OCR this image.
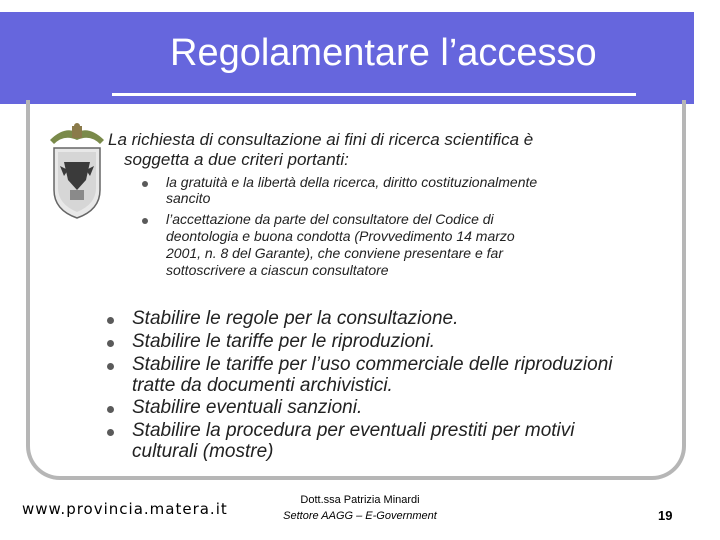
Regolamentare l’accesso
La richiesta di consultazione ai fini di ricerca scientifica è
soggetta a due criteri portanti:
la gratuità e la libertà della ricerca, diritto costituzionalmente
sancito
l’accettazione da parte del consultatore del Codice di
deontologia e buona condotta (Provvedimento 14 marzo
2001, n. 8 del Garante), che conviene presentare e far
sottoscrivere a ciascun consultatore
Stabilire le regole per la consultazione.
Stabilire le tariffe per le riproduzioni.
Stabilire le tariffe per l’uso commerciale delle riproduzioni
tratte da documenti archivistici.
Stabilire eventuali sanzioni.
Stabilire la procedura per eventuali prestiti per motivi
culturali (mostre)
www.provincia.matera.it	Dott.ssa Patrizia Minardi
Settore AAGG – E-Government	19
